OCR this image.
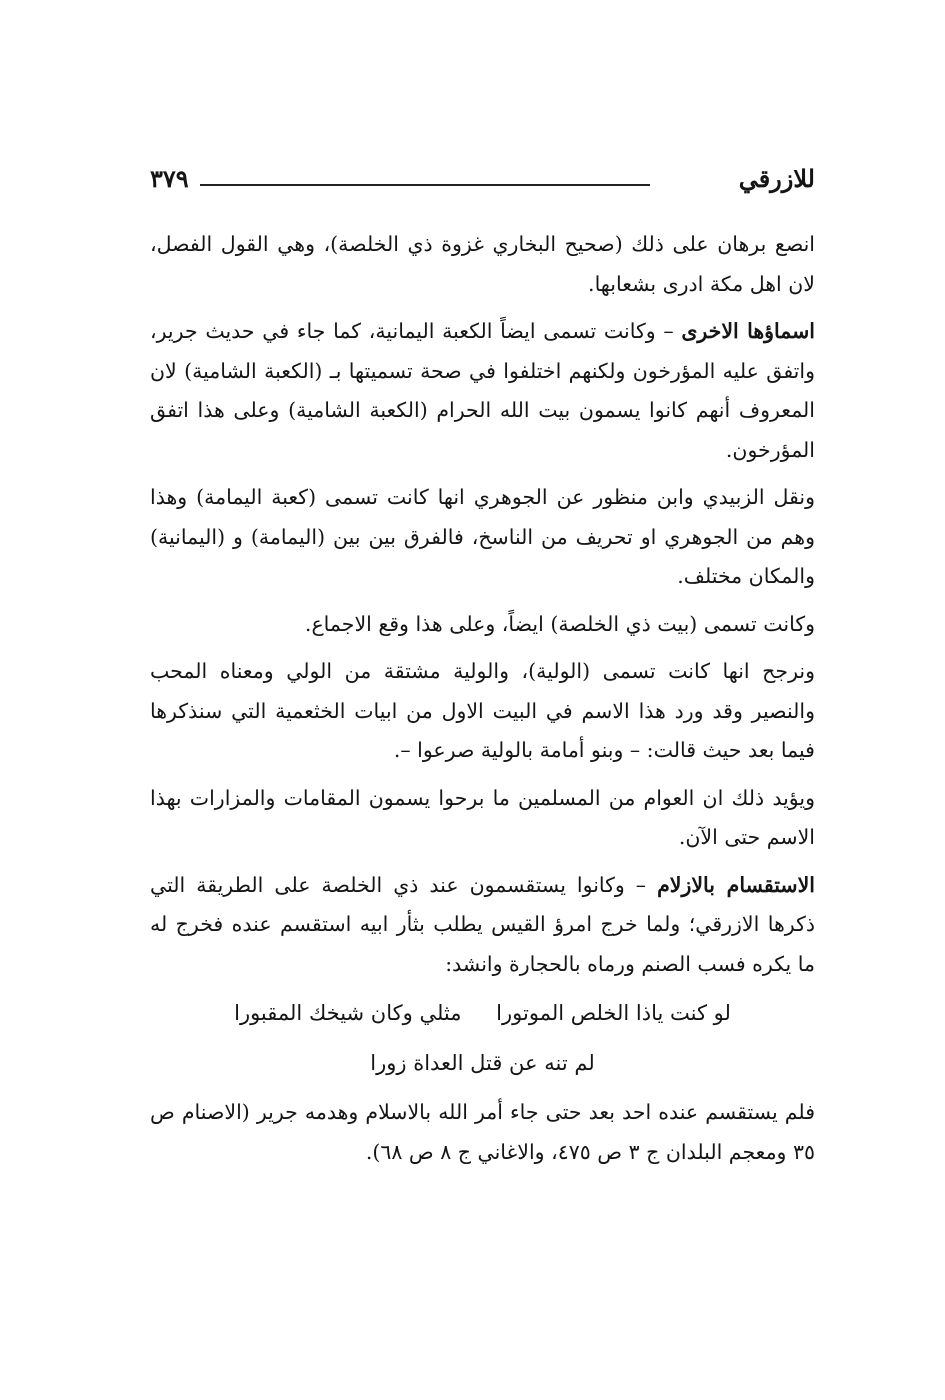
٣٧٩	للازرقي

انصع برهان على ذلك (صحيح البخاري غزوة ذي الخلصة)، وهي القول الفصل، لان اهل مكة ادرى بشعابها.

اسماؤها الاخرى – وكانت تسمى ايضاً الكعبة اليمانية، كما جاء في حديث جرير، واتفق عليه المؤرخون ولكنهم اختلفوا في صحة تسميتها بـ (الكعبة الشامية) لان المعروف أنهم كانوا يسمون بيت الله الحرام (الكعبة الشامية) وعلى هذا اتفق المؤرخون.

ونقل الزبيدي وابن منظور عن الجوهري انها كانت تسمى (كعبة اليمامة) وهذا وهم من الجوهري او تحريف من الناسخ، فالفرق بين بين (اليمامة) و (اليمانية) والمكان مختلف.

وكانت تسمى (بيت ذي الخلصة) ايضاً، وعلى هذا وقع الاجماع.

ونرجح انها كانت تسمى (الولية)، والولية مشتقة من الولي ومعناه المحب والنصير وقد ورد هذا الاسم في البيت الاول من ابيات الخثعمية التي سنذكرها فيما بعد حيث قالت: – وبنو أمامة بالولية صرعوا –.

ويؤيد ذلك ان العوام من المسلمين ما برحوا يسمون المقامات والمزارات بهذا الاسم حتى الآن.

الاستقسام بالازلام – وكانوا يستقسمون عند ذي الخلصة على الطريقة التي ذكرها الازرقي؛ ولما خرج امرؤ القيس يطلب بثأر ابيه استقسم عنده فخرج له ما يكره فسب الصنم ورماه بالحجارة وانشد:

لو كنت ياذا الخلص الموتورا مثلي وكان شيخك المقبورا
لم تنه عن قتل العداة زورا

فلم يستقسم عنده احد بعد حتى جاء أمر الله بالاسلام وهدمه جرير (الاصنام ص ٣٥ ومعجم البلدان ج ٣ ص ٤٧٥، والاغاني ج ٨ ص ٦٨).
